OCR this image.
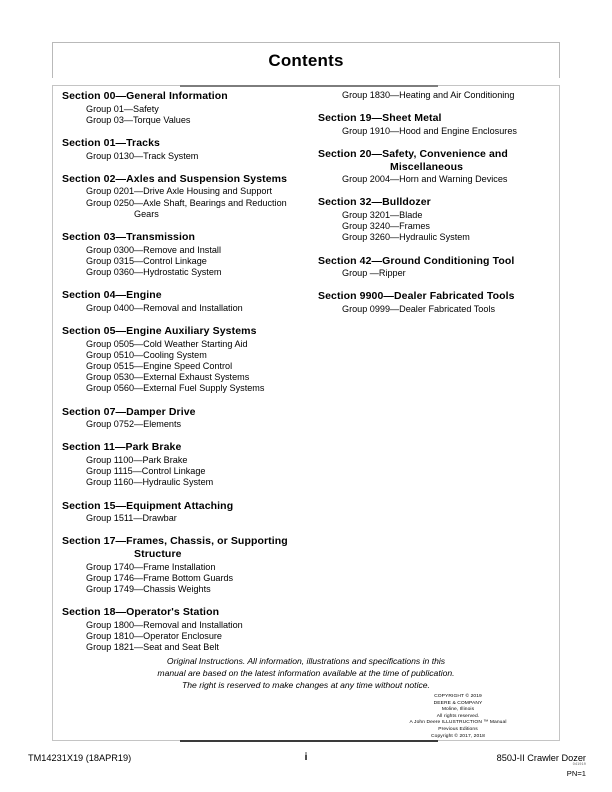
Contents
Section 00—General Information
Group 01—Safety
Group 03—Torque Values
Section 01—Tracks
Group 0130—Track System
Section 02—Axles and Suspension Systems
Group 0201—Drive Axle Housing and Support
Group 0250—Axle Shaft, Bearings and Reduction
Gears
Section 03—Transmission
Group 0300—Remove and Install
Group 0315—Control Linkage
Group 0360—Hydrostatic System
Section 04—Engine
Group 0400—Removal and Installation
Section 05—Engine Auxiliary Systems
Group 0505—Cold Weather Starting Aid
Group 0510—Cooling System
Group 0515—Engine Speed Control
Group 0530—External Exhaust Systems
Group 0560—External Fuel Supply Systems
Section 07—Damper Drive
Group 0752—Elements
Section 11—Park Brake
Group 1100—Park Brake
Group 1115—Control Linkage
Group 1160—Hydraulic System
Section 15—Equipment Attaching
Group 1511—Drawbar
Section 17—Frames, Chassis, or Supporting
Structure
Group 1740—Frame Installation
Group 1746—Frame Bottom Guards
Group 1749—Chassis Weights
Section 18—Operator's Station
Group 1800—Removal and Installation
Group 1810—Operator Enclosure
Group 1821—Seat and Seat Belt
Group 1830—Heating and Air Conditioning
Section 19—Sheet Metal
Group 1910—Hood and Engine Enclosures
Section 20—Safety, Convenience and
Miscellaneous
Group 2004—Horn and Warning Devices
Section 32—Bulldozer
Group 3201—Blade
Group 3240—Frames
Group 3260—Hydraulic System
Section 42—Ground Conditioning Tool
Group —Ripper
Section 9900—Dealer Fabricated Tools
Group 0999—Dealer Fabricated Tools
Original Instructions. All information, illustrations and specifications in this
manual are based on the latest information available at the time of publication.
The right is reserved to make changes at any time without notice.
COPYRIGHT © 2019
DEERE & COMPANY
Moline, Illinois
All rights reserved.
A John Deere ILLUSTRUCTION ™ Manual
Previous Editions
Copyright © 2017, 2018
TM14231X19 (18APR19)	i	850J-II Crawler Dozer
041919
PN=1
